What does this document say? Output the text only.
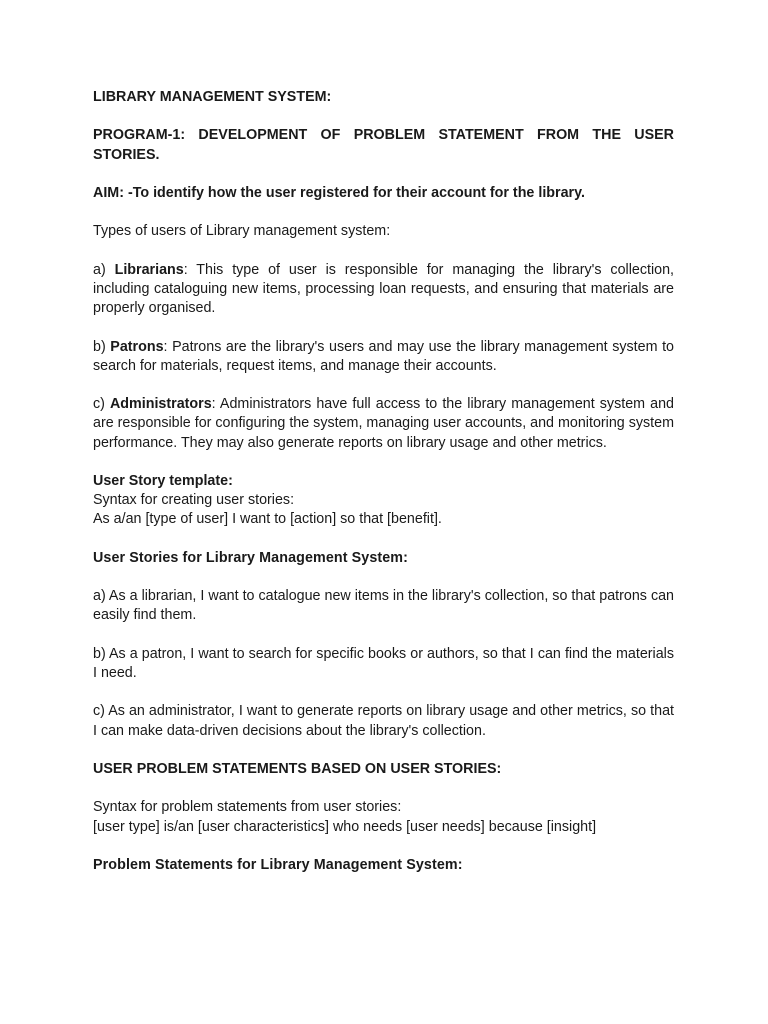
LIBRARY MANAGEMENT SYSTEM:

PROGRAM-1: DEVELOPMENT OF PROBLEM STATEMENT FROM THE USER STORIES.

AIM: -To identify how the user registered for their account for the library.

Types of users of Library management system:

a) Librarians: This type of user is responsible for managing the library's collection, including cataloguing new items, processing loan requests, and ensuring that materials are properly organised.

b) Patrons: Patrons are the library's users and may use the library management system to search for materials, request items, and manage their accounts.

c) Administrators: Administrators have full access to the library management system and are responsible for configuring the system, managing user accounts, and monitoring system performance. They may also generate reports on library usage and other metrics.

User Story template:

Syntax for creating user stories:

As a/an [type of user] I want to [action] so that [benefit].

User Stories for Library Management System:

a) As a librarian, I want to catalogue new items in the library's collection, so that patrons can easily find them.

b) As a patron, I want to search for specific books or authors, so that I can find the materials I need.

c) As an administrator, I want to generate reports on library usage and other metrics, so that I can make data-driven decisions about the library's collection.

USER PROBLEM STATEMENTS BASED ON USER STORIES:

Syntax for problem statements from user stories:

[user type] is/an [user characteristics] who needs [user needs] because [insight]

Problem Statements for Library Management System:
